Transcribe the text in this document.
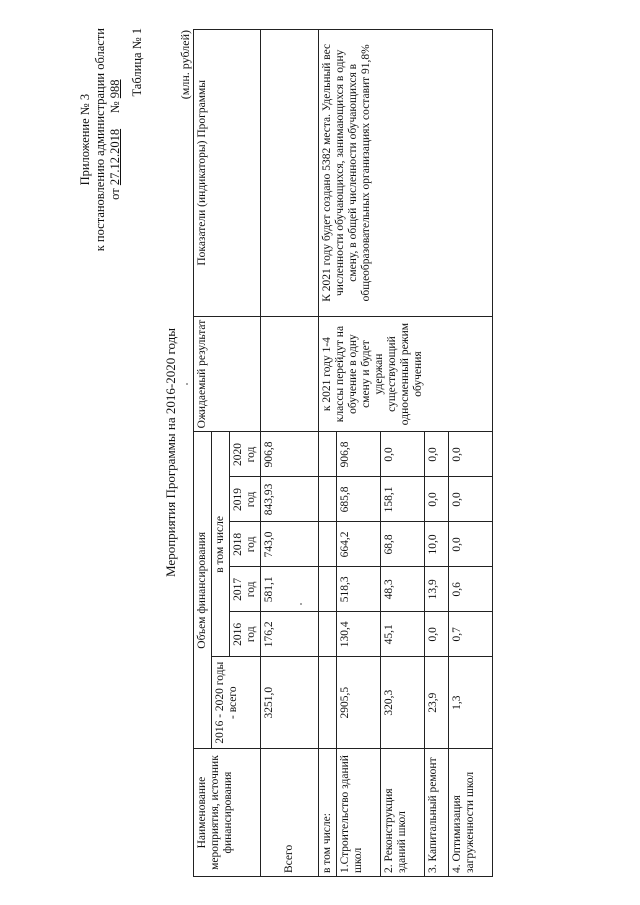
Приложение № 3 к постановлению администрации области от 27.12.2018     № 988 Таблица № 1
Мероприятия Программы на 2016-2020 годы
(млн. рублей)
Наименование мероприятия, источник финансирования	Объем финансирования						Ожидаемый результат	Показатели (индикаторы) Программы
	2016 - 2020 годы - всего	в том числе						
		2016 год	2017 год	2018 год	2019 год	2020 год		
Всего	3251,0	176,2	581,1	743,0	843,93	906,8		
в том числе:							к 2021 году 1-4 классы перейдут на обучение в одну смену и будет удержан существующий односменный режим обучения	К 2021 году будет создано 5382 места. Удельный вес численности обучающихся, занимающихся в одну смену, в общей численности обучающихся в общеобразовательных организациях составит 91,8%
1.Строительство зданий школ	2905,5	130,4	518,3	664,2	685,8	906,8		
2. Реконструкция зданий школ	320,3	45,1	48,3	68,8	158,1	0,0		
3. Капитальный ремонт	23,9	0,0	13,9	10,0	0,0	0,0		
4. Оптимизация загруженности школ	1,3	0,7	0,6	0,0	0,0	0,0		
